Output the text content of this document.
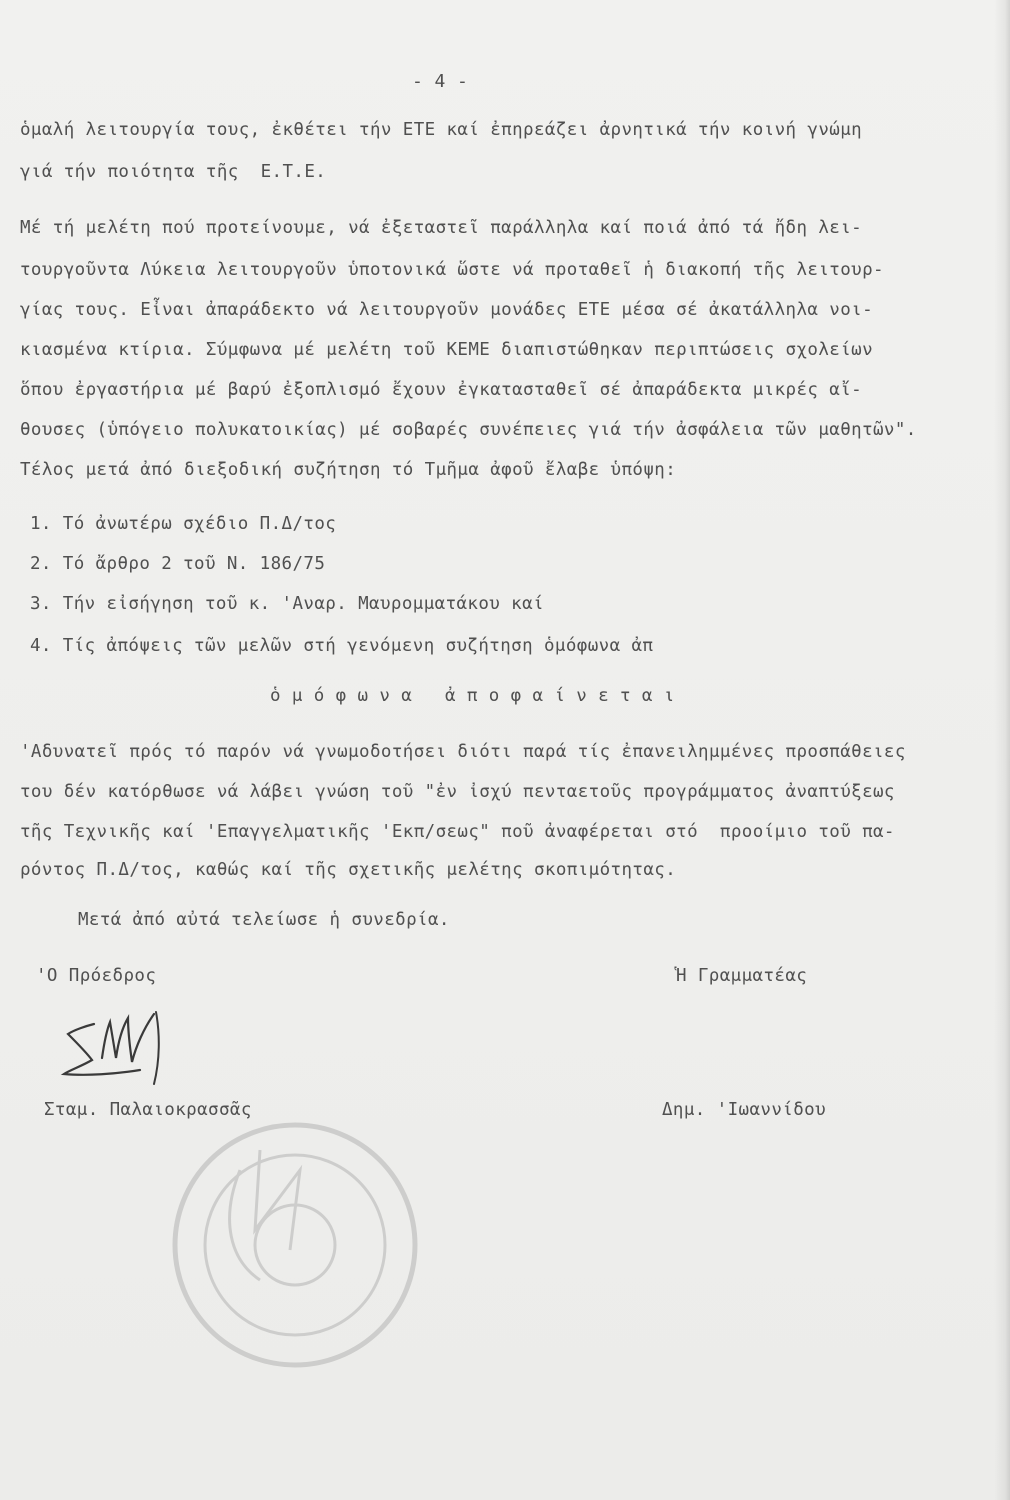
- 4 -
ὁμαλή λειτουργία τους, ἐκθέτει τήν ΕΤΕ καί ἐπηρεάζει ἀρνητικά τήν κοινή γνώμη
γιά τήν ποιότητα τῆς  Ε.Τ.Ε.
Μέ τή μελέτη πού προτείνουμε, νά ἐξεταστεῖ παράλληλα καί ποιά ἀπό τά ἤδη λει-
τουργοῦντα Λύκεια λειτουργοῦν ὑποτονικά ὥστε νά προταθεῖ ἡ διακοπή τῆς λειτουρ-
γίας τους. Εἶναι ἀπαράδεκτο νά λειτουργοῦν μονάδες ΕΤΕ μέσα σέ ἀκατάλληλα νοι-
κιασμένα κτίρια. Σύμφωνα μέ μελέτη τοῦ ΚΕΜΕ διαπιστώθηκαν περιπτώσεις σχολείων
ὅπου ἐργαστήρια μέ βαρύ ἐξοπλισμό ἔχουν ἐγκατασταθεῖ σέ ἀπαράδεκτα μικρές αἴ-
θουσες (ὑπόγειο πολυκατοικίας) μέ σοβαρές συνέπειες γιά τήν ἀσφάλεια τῶν μαθητῶν".
Τέλος μετά ἀπό διεξοδική συζήτηση τό Τμῆμα ἀφοῦ ἔλαβε ὑπόψη:
1. Τό ἀνωτέρω σχέδιο Π.Δ/τος
2. Τό ἄρθρο 2 τοῦ Ν. 186/75
3. Τήν εἰσήγηση τοῦ κ. 'Αναρ. Μαυρομματάκου καί
4. Τίς ἀπόψεις τῶν μελῶν στή γενόμενη συζήτηση ὁμόφωνα ἀπ
ὁ μ ό φ ω ν α   ἀ π ο φ α ί ν ε τ α ι
'Αδυνατεῖ πρός τό παρόν νά γνωμοδοτήσει διότι παρά τίς ἐπανειλημμένες προσπάθειες
του δέν κατόρθωσε νά λάβει γνώση τοῦ "ἐν ἰσχύ πενταετοῦς προγράμματος ἀναπτύξεως
τῆς Τεχνικῆς καί 'Επαγγελματικῆς 'Εκπ/σεως" ποῦ ἀναφέρεται στό  προοίμιο τοῦ πα-
ρόντος Π.Δ/τος, καθώς καί τῆς σχετικῆς μελέτης σκοπιμότητας.
Μετά ἀπό αὐτά τελείωσε ἡ συνεδρία.
'Ο Πρόεδρος	Ἡ Γραμματέας
Σταμ. Παλαιοκρασσᾶς	Δημ. 'Ιωαννίδου
